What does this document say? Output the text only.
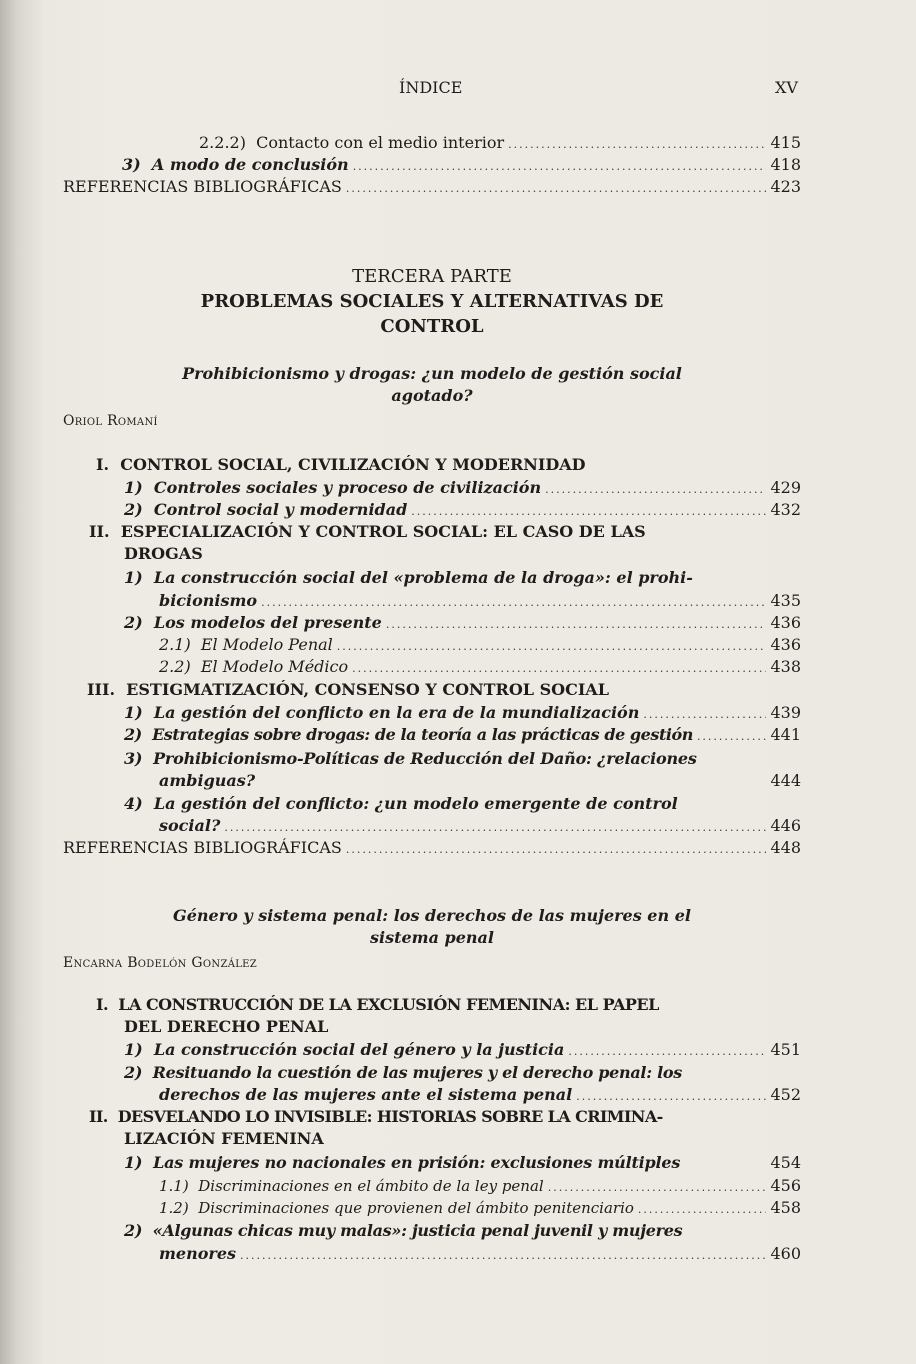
ÍNDICE	XV
2.2.2) Contacto con el medio interior .....	415
3) A modo de conclusión .....	418
REFERENCIAS BIBLIOGRÁFICAS .....	423
TERCERA PARTE
PROBLEMAS SOCIALES Y ALTERNATIVAS DE
CONTROL
Prohibicionismo y drogas: ¿un modelo de gestión social
agotado?
Oriol Romaní
I. CONTROL SOCIAL, CIVILIZACIÓN Y MODERNIDAD
1) Controles sociales y proceso de civilización .....	429
2) Control social y modernidad .....	432
II. ESPECIALIZACIÓN Y CONTROL SOCIAL: EL CASO DE LAS
DROGAS
1) La construcción social del «problema de la droga»: el prohi-
bicionismo .....	435
2) Los modelos del presente .....	436
2.1) El Modelo Penal .....	436
2.2) El Modelo Médico .....	438
III. ESTIGMATIZACIÓN, CONSENSO Y CONTROL SOCIAL
1) La gestión del conflicto en la era de la mundialización .....	439
2) Estrategias sobre drogas: de la teoría a las prácticas de gestión .....	441
3) Prohibicionismo-Políticas de Reducción del Daño: ¿relaciones
ambiguas?	444
4) La gestión del conflicto: ¿un modelo emergente de control
social? .....	446
REFERENCIAS BIBLIOGRÁFICAS .....	448
Género y sistema penal: los derechos de las mujeres en el
sistema penal
Encarna Bodelón González
I. LA CONSTRUCCIÓN DE LA EXCLUSIÓN FEMENINA: EL PAPEL
DEL DERECHO PENAL
1) La construcción social del género y la justicia .....	451
2) Resituando la cuestión de las mujeres y el derecho penal: los
derechos de las mujeres ante el sistema penal .....	452
II. DESVELANDO LO INVISIBLE: HISTORIAS SOBRE LA CRIMINA-
LIZACIÓN FEMENINA
1) Las mujeres no nacionales en prisión: exclusiones múltiples	454
1.1) Discriminaciones en el ámbito de la ley penal .....	456
1.2) Discriminaciones que provienen del ámbito penitenciario .....	458
2) «Algunas chicas muy malas»: justicia penal juvenil y mujeres
menores .....	460
